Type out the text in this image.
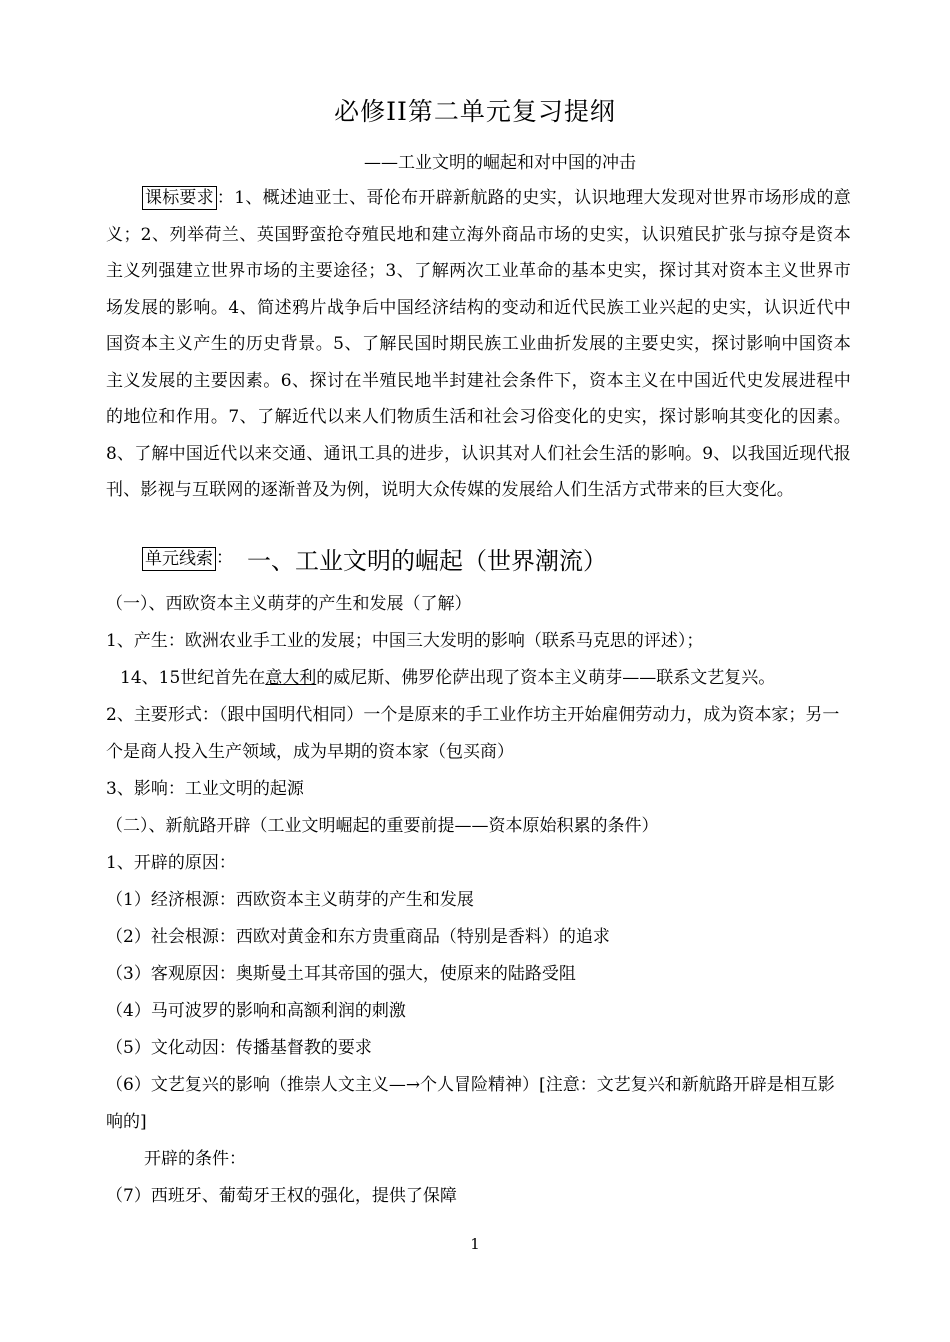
必修II第二单元复习提纲
——工业文明的崛起和对中国的冲击
课标要求 ：1、概述迪亚士、哥伦布开辟新航路的史实，认识地理大发现对世界市场形成的意义；2、列举荷兰、英国野蛮抢夺殖民地和建立海外商品市场的史实，认识殖民扩张与掠夺是资本主义列强建立世界市场的主要途径；3、了解两次工业革命的基本史实，探讨其对资本主义世界市场发展的影响。4、简述鸦片战争后中国经济结构的变动和近代民族工业兴起的史实，认识近代中国资本主义产生的历史背景。5、了解民国时期民族工业曲折发展的主要史实，探讨影响中国资本主义发展的主要因素。6、探讨在半殖民地半封建社会条件下，资本主义在中国近代史发展进程中的地位和作用。7、了解近代以来人们物质生活和社会习俗变化的史实，探讨影响其变化的因素。8、了解中国近代以来交通、通讯工具的进步，认识其对人们社会生活的影响。9、以我国近现代报刊、影视与互联网的逐渐普及为例，说明大众传媒的发展给人们生活方式带来的巨大变化。
单元线索 ： 一、工业文明的崛起（世界潮流）
（一）、西欧资本主义萌芽的产生和发展（了解）
1、产生：欧洲农业手工业的发展；中国三大发明的影响（联系马克思的评述）；
14、15世纪首先在意大利的威尼斯、佛罗伦萨出现了资本主义萌芽——联系文艺复兴。
2、主要形式：（跟中国明代相同）一个是原来的手工业作坊主开始雇佣劳动力，成为资本家；另一个是商人投入生产领域，成为早期的资本家（包买商）
3、影响：工业文明的起源
（二）、新航路开辟（工业文明崛起的重要前提——资本原始积累的条件）
1、开辟的原因：
（1）经济根源：西欧资本主义萌芽的产生和发展
（2）社会根源：西欧对黄金和东方贵重商品（特别是香料）的追求
（3）客观原因：奥斯曼土耳其帝国的强大，使原来的陆路受阻
（4）马可波罗的影响和高额利润的刺激
（5）文化动因：传播基督教的要求
（6）文艺复兴的影响（推崇人文主义—→个人冒险精神）[注意：文艺复兴和新航路开辟是相互影响的]
开辟的条件：
（7）西班牙、葡萄牙王权的强化，提供了保障
1
